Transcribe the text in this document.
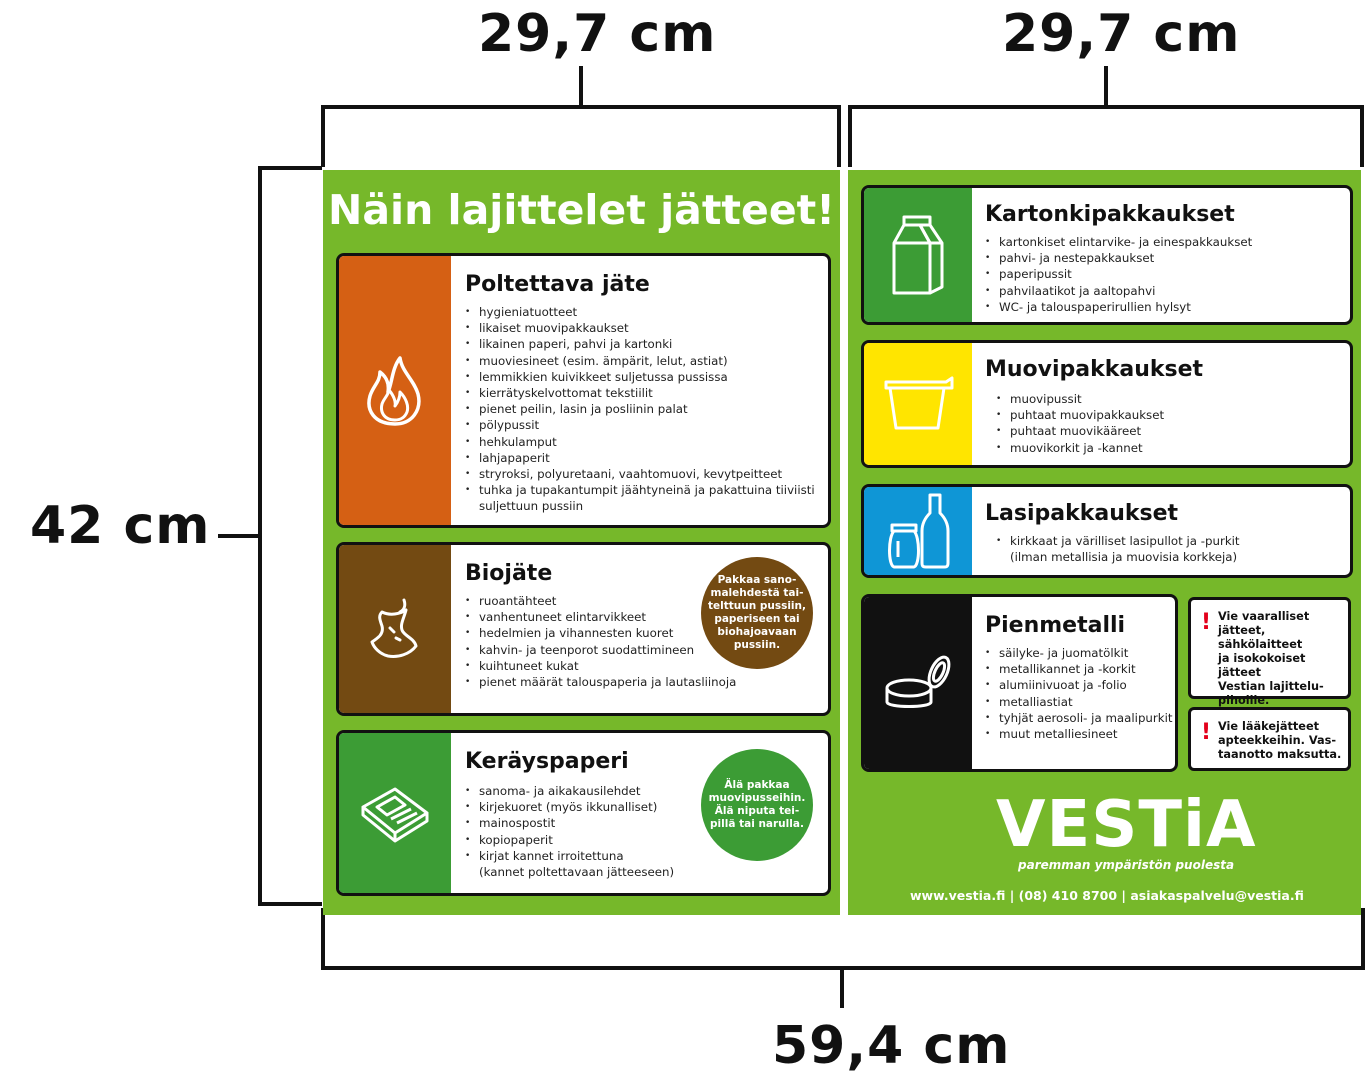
29,7 cm	29,7 cm
42 cm
59,4 cm
Näin lajittelet jätteet!
Poltettava jäte
• hygieniatuotteet
• likaiset muovipakkaukset
• likainen paperi, pahvi ja kartonki
• muoviesineet (esim. ämpärit, lelut, astiat)
• lemmikkien kuivikkeet suljetussa pussissa
• kierrätyskelvottomat tekstiilit
• pienet peilin, lasin ja posliinin palat
• pölypussit
• hehkulamput
• lahjapaperit
• stryroksi, polyuretaani, vaahtomuovi, kevytpeitteet
• tuhka ja tupakantumpit jäähtyneinä ja pakattuina tiiviisti
suljettuun pussiin
Biojäte
• ruoantähteet
• vanhentuneet elintarvikkeet
• hedelmien ja vihannesten kuoret
• kahvin- ja teenporot suodattimineen
• kuihtuneet kukat
• pienet määrät talouspaperia ja lautasliinoja
Pakkaa sano-
malehdestä tai-
telttuun pussiin,
paperiseen tai
biohajoavaan
pussiin.
Keräyspaperi
• sanoma- ja aikakausilehdet
• kirjekuoret (myös ikkunalliset)
• mainospostit
• kopiopaperit
• kirjat kannet irroitettuna
(kannet poltettavaan jätteeseen)
Älä pakkaa
muovipusseihin.
Älä niputa tei-
pillä tai narulla.
Kartonkipakkaukset
• kartonkiset elintarvike- ja einespakkaukset
• pahvi- ja nestepakkaukset
• paperipussit
• pahvilaatikot ja aaltopahvi
• WC- ja talouspaperirullien hylsyt
Muovipakkaukset
• muovipussit
• puhtaat muovipakkaukset
• puhtaat muovikääreet
• muovikorkit ja -kannet
Lasipakkaukset
• kirkkaat ja värilliset lasipullot ja -purkit
(ilman metallisia ja muovisia korkkeja)
Pienmetalli
• säilyke- ja juomatölkit
• metallikannet ja -korkit
• alumiinivuoat ja -folio
• metalliastiat
• tyhjät aerosoli- ja maalipurkit
• muut metalliesineet
! Vie vaaralliset
jätteet, sähkölaitteet
ja isokokoiset jätteet
Vestian lajittelu-
pihoille.
! Vie lääkejätteet
apteekkeihin. Vas-
taanotto maksutta.
VESTiA
paremman ympäristön puolesta
www.vestia.fi | (08) 410 8700 | asiakaspalvelu@vestia.fi
